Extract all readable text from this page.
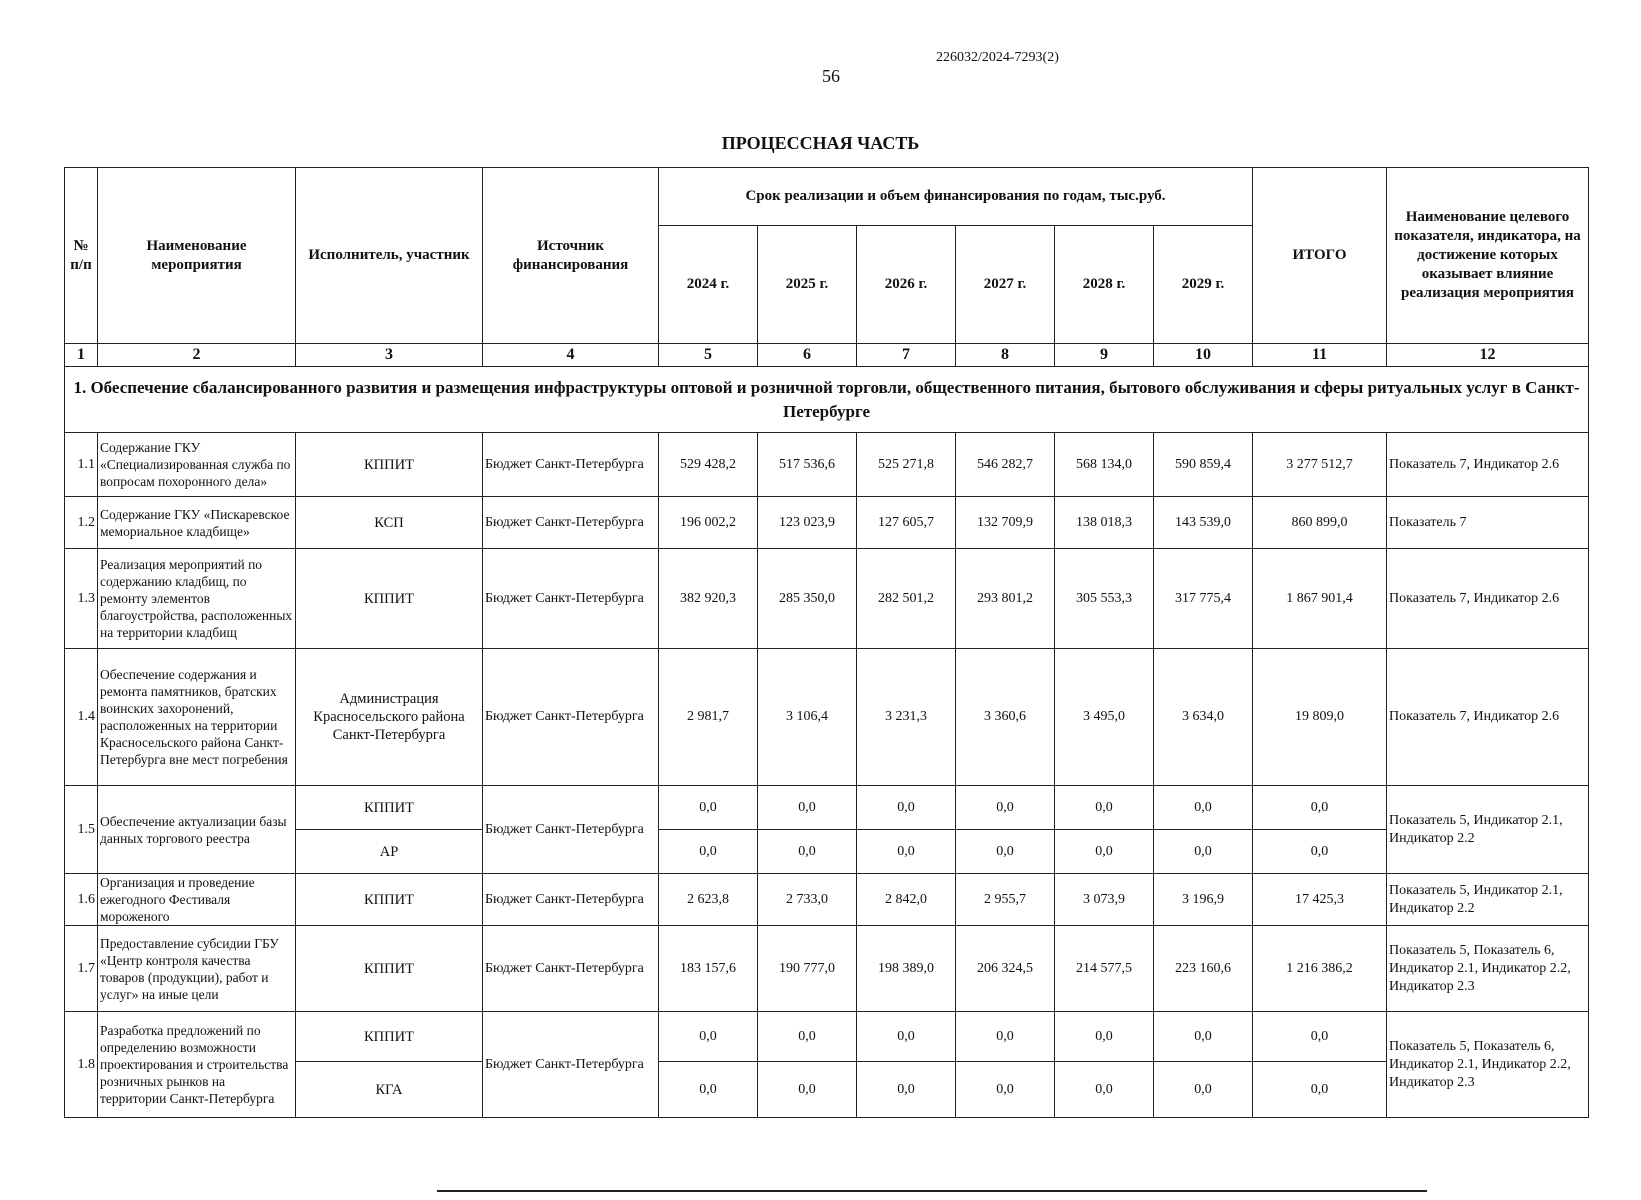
226032/2024-7293(2)
56
ПРОЦЕССНАЯ ЧАСТЬ
№ п/п	Наименование мероприятия	Исполнитель, участник	Источник финансирования	Срок реализации и объем финансирования по годам, тыс.руб.						ИТОГО	Наименование целевого показателя, индикатора, на достижение которых оказывает влияние реализация мероприятия
				2024 г.	2025 г.	2026 г.	2027 г.	2028 г.	2029 г.		
1	2	3	4	5	6	7	8	9	10	11	12
1. Обеспечение сбалансированного развития и размещения инфраструктуры оптовой и розничной торговли, общественного питания, бытового обслуживания и сферы ритуальных услуг в Санкт-Петербурге											
1.1	Содержание ГКУ «Специализированная служба по вопросам похоронного дела»	КППИТ	Бюджет Санкт-Петербурга	529 428,2	517 536,6	525 271,8	546 282,7	568 134,0	590 859,4	3 277 512,7	Показатель 7, Индикатор 2.6
1.2	Содержание ГКУ «Пискаревское мемориальное кладбище»	КСП	Бюджет Санкт-Петербурга	196 002,2	123 023,9	127 605,7	132 709,9	138 018,3	143 539,0	860 899,0	Показатель 7
1.3	Реализация мероприятий по содержанию кладбищ, по ремонту элементов благоустройства, расположенных на территории кладбищ	КППИТ	Бюджет Санкт-Петербурга	382 920,3	285 350,0	282 501,2	293 801,2	305 553,3	317 775,4	1 867 901,4	Показатель 7, Индикатор 2.6
1.4	Обеспечение содержания и ремонта памятников, братских воинских захоронений, расположенных на территории Красносельского района Санкт-Петербурга вне мест погребения	Администрация Красносельского района Санкт-Петербурга	Бюджет Санкт-Петербурга	2 981,7	3 106,4	3 231,3	3 360,6	3 495,0	3 634,0	19 809,0	Показатель 7, Индикатор 2.6
1.5	Обеспечение актуализации базы данных торгового реестра	КППИТ	Бюджет Санкт-Петербурга	0,0	0,0	0,0	0,0	0,0	0,0	0,0	Показатель 5, Индикатор 2.1, Индикатор 2.2
		АР		0,0	0,0	0,0	0,0	0,0	0,0	0,0	
1.6	Организация и проведение ежегодного Фестиваля мороженого	КППИТ	Бюджет Санкт-Петербурга	2 623,8	2 733,0	2 842,0	2 955,7	3 073,9	3 196,9	17 425,3	Показатель 5, Индикатор 2.1, Индикатор 2.2
1.7	Предоставление субсидии ГБУ «Центр контроля качества товаров (продукции), работ и услуг» на иные цели	КППИТ	Бюджет Санкт-Петербурга	183 157,6	190 777,0	198 389,0	206 324,5	214 577,5	223 160,6	1 216 386,2	Показатель 5, Показатель 6, Индикатор 2.1, Индикатор 2.2, Индикатор 2.3
1.8	Разработка предложений по определению возможности проектирования и строительства розничных рынков на территории Санкт-Петербурга	КППИТ	Бюджет Санкт-Петербурга	0,0	0,0	0,0	0,0	0,0	0,0	0,0	Показатель 5, Показатель 6, Индикатор 2.1, Индикатор 2.2, Индикатор 2.3
		КГА		0,0	0,0	0,0	0,0	0,0	0,0	0,0	
